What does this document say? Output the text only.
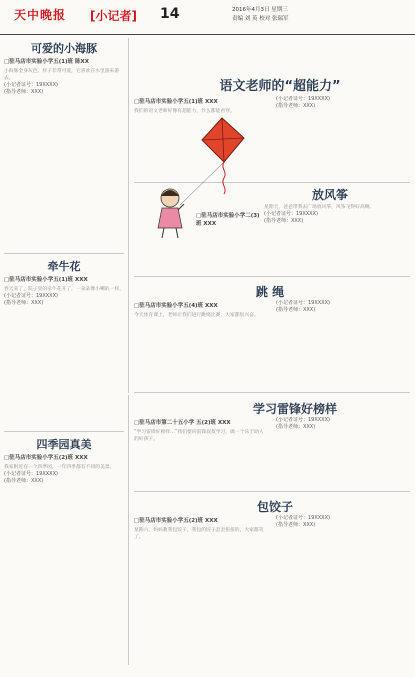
天中晚报 [小记者] 14	2016年4月3日 星期三
责编 刘 英 校对 张瑞军
可爱的小海豚
□驻马店市实验小学五(1)班 陈XX
小海豚全身灰色，样子非常可爱，它喜欢在水里游来游去。
(小记者证号：19XXXX)
(指导老师：XXX)
牵牛花
□驻马店市实验小学五(1)班 XXX
春天来了，院子里的牵牛花开了，一朵朵像小喇叭一样。
(小记者证号：19XXXX)
(指导老师：XXX)
四季园真美
□驻马店市实验小学五(2)班 XXX
我家附近有一个四季园，一年四季都有不同的美景。
(小记者证号：19XXXX)
(指导老师：XXX)
语文老师的“超能力”
□驻马店市实验小学五(1)班 XXX
我们的语文老师好像有超能力，什么都能看穿。
(小记者证号：19XXXX)
(指导老师：XXX)
放风筝
星期天，爸爸带我去广场放风筝，风筝飞得好高啊。
(小记者证号：19XXXX)
(指导老师：XXX)
□驻马店市实验小学二(3)班 XXX
跳 绳
□驻马店市实验小学五(4)班 XXX
今天体育课上，老师让我们进行跳绳比赛，大家都很兴奋。
(小记者证号：19XXXX)
(指导老师：XXX)
学习雷锋好榜样
□驻马店市第二十五小学 五(2)班 XXX
“学习雷锋好榜样…”我们要向雷锋叔叔学习，做一个乐于助人的好孩子。
(小记者证号：19XXXX)
(指导老师：XXX)
包饺子
□驻马店市实验小学五(2)班 XXX
星期六，妈妈教我包饺子，我包的饺子歪歪扭扭的，大家都笑了。
(小记者证号：19XXXX)
(指导老师：XXX)
